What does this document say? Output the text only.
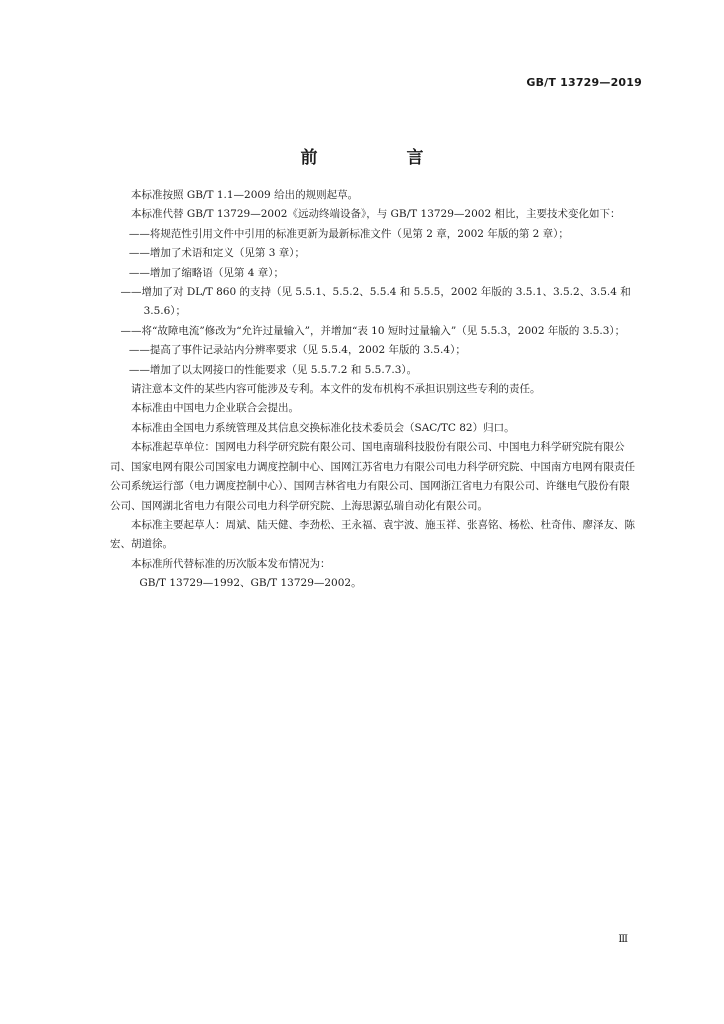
GB/T 13729—2019
前　言

本标准按照 GB/T 1.1—2009 给出的规则起草。

本标准代替 GB/T 13729—2002《远动终端设备》，与 GB/T 13729—2002 相比，主要技术变化如下：

——将规范性引用文件中引用的标准更新为最新标准文件（见第 2 章，2002 年版的第 2 章）；

——增加了术语和定义（见第 3 章）；

——增加了缩略语（见第 4 章）；

——增加了对 DL/T 860 的支持（见 5.5.1、5.5.2、5.5.4 和 5.5.5，2002 年版的 3.5.1、3.5.2、3.5.4 和 3.5.6）；

——将“故障电流”修改为“允许过量输入”，并增加“表 10 短时过量输入”（见 5.5.3，2002 年版的 3.5.3）；

——提高了事件记录站内分辨率要求（见 5.5.4，2002 年版的 3.5.4）；

——增加了以太网接口的性能要求（见 5.5.7.2 和 5.5.7.3）。

请注意本文件的某些内容可能涉及专利。本文件的发布机构不承担识别这些专利的责任。

本标准由中国电力企业联合会提出。

本标准由全国电力系统管理及其信息交换标准化技术委员会（SAC/TC 82）归口。

本标准起草单位：国网电力科学研究院有限公司、国电南瑞科技股份有限公司、中国电力科学研究院有限公司、国家电网有限公司国家电力调度控制中心、国网江苏省电力有限公司电力科学研究院、中国南方电网有限责任公司系统运行部（电力调度控制中心）、国网吉林省电力有限公司、国网浙江省电力有限公司、许继电气股份有限公司、国网湖北省电力有限公司电力科学研究院、上海思源弘瑞自动化有限公司。

本标准主要起草人：周斌、陆天健、李劲松、王永福、袁宇波、施玉祥、张喜铭、杨松、杜奇伟、廖泽友、陈宏、胡道徐。

本标准所代替标准的历次版本发布情况为：

GB/T 13729—1992、GB/T 13729—2002。

Ⅲ
